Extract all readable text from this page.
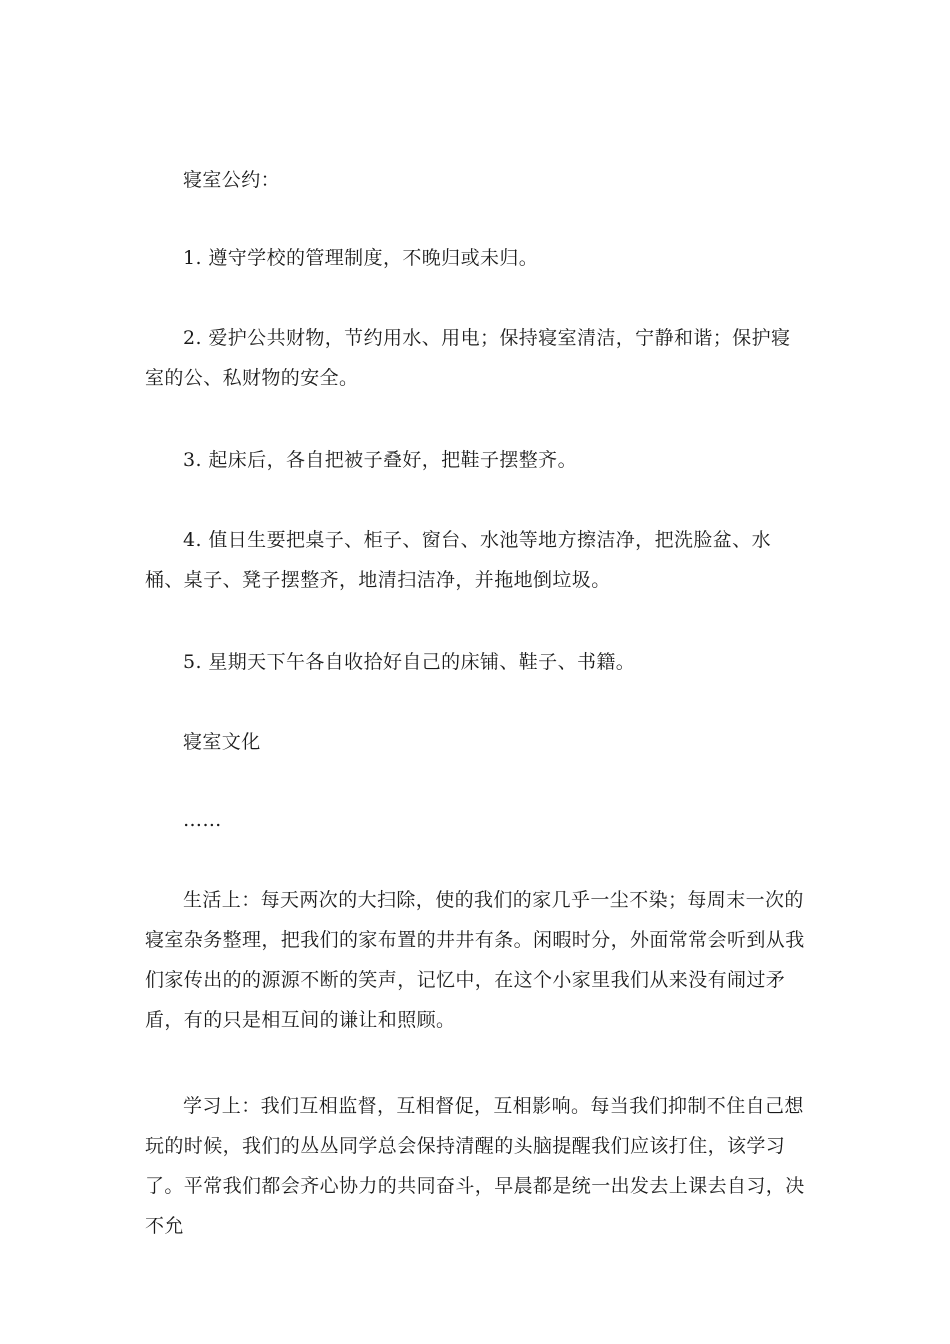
寝室公约：

1. 遵守学校的管理制度，不晚归或未归。

2. 爱护公共财物，节约用水、用电；保持寝室清洁，宁静和谐；保护寝室的公、私财物的安全。

3. 起床后，各自把被子叠好，把鞋子摆整齐。

4. 值日生要把桌子、柜子、窗台、水池等地方擦洁净，把洗脸盆、水桶、桌子、凳子摆整齐，地清扫洁净，并拖地倒垃圾。

5. 星期天下午各自收拾好自己的床铺、鞋子、书籍。

寝室文化

……

生活上：每天两次的大扫除，使的我们的家几乎一尘不染；每周末一次的寝室杂务整理，把我们的家布置的井井有条。闲暇时分，外面常常会听到从我们家传出的的源源不断的笑声，记忆中，在这个小家里我们从来没有闹过矛盾，有的只是相互间的谦让和照顾。

学习上：我们互相监督，互相督促，互相影响。每当我们抑制不住自己想玩的时候，我们的丛丛同学总会保持清醒的头脑提醒我们应该打住，该学习了。平常我们都会齐心协力的共同奋斗，早晨都是统一出发去上课去自习，决不允
